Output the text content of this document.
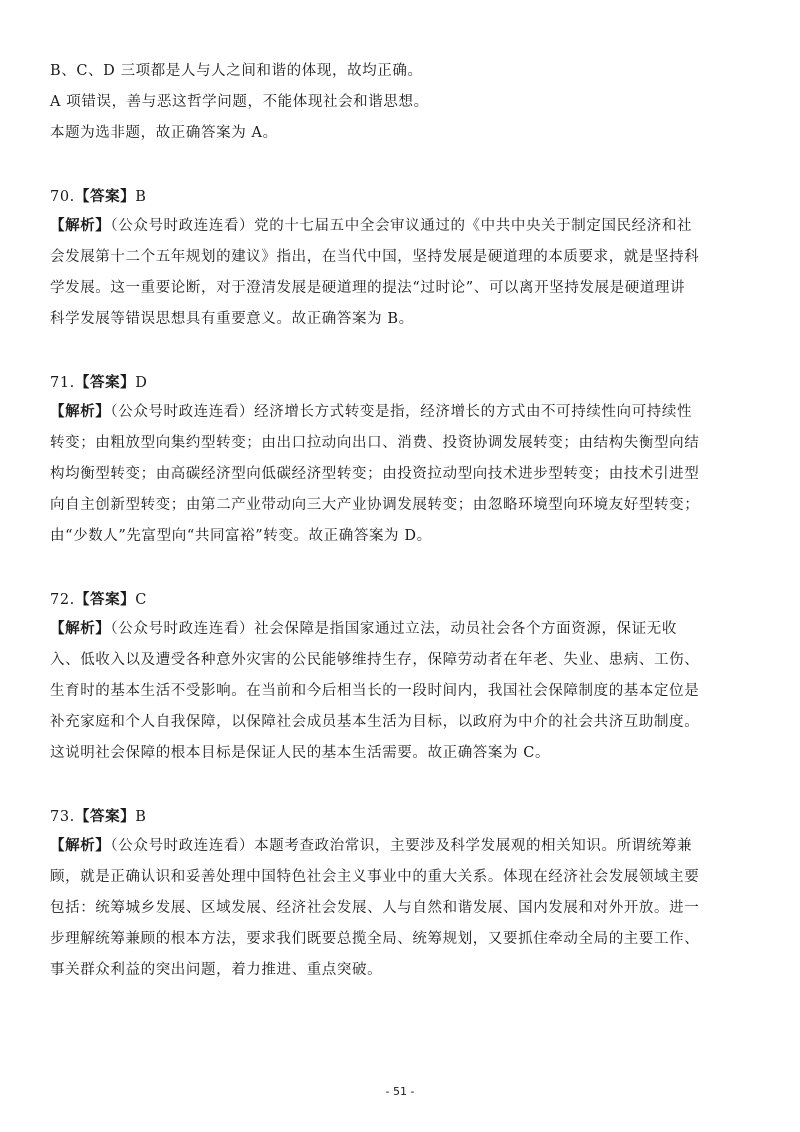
B、C、D 三项都是人与人之间和谐的体现，故均正确。
A 项错误，善与恶这哲学问题，不能体现社会和谐思想。
本题为选非题，故正确答案为 A。
70.【答案】B
【解析】（公众号时政连连看）党的十七届五中全会审议通过的《中共中央关于制定国民经济和社
会发展第十二个五年规划的建议》指出，在当代中国，坚持发展是硬道理的本质要求，就是坚持科
学发展。这一重要论断，对于澄清发展是硬道理的提法“过时论”、可以离开坚持发展是硬道理讲
科学发展等错误思想具有重要意义。故正确答案为 B。
71.【答案】D
【解析】（公众号时政连连看）经济增长方式转变是指，经济增长的方式由不可持续性向可持续性
转变；由粗放型向集约型转变；由出口拉动向出口、消费、投资协调发展转变；由结构失衡型向结
构均衡型转变；由高碳经济型向低碳经济型转变；由投资拉动型向技术进步型转变；由技术引进型
向自主创新型转变；由第二产业带动向三大产业协调发展转变；由忽略环境型向环境友好型转变；
由“少数人”先富型向“共同富裕”转变。故正确答案为 D。
72.【答案】C
【解析】（公众号时政连连看）社会保障是指国家通过立法，动员社会各个方面资源，保证无收
入、低收入以及遭受各种意外灾害的公民能够维持生存，保障劳动者在年老、失业、患病、工伤、
生育时的基本生活不受影响。在当前和今后相当长的一段时间内，我国社会保障制度的基本定位是
补充家庭和个人自我保障，以保障社会成员基本生活为目标，以政府为中介的社会共济互助制度。
这说明社会保障的根本目标是保证人民的基本生活需要。故正确答案为 C。
73.【答案】B
【解析】（公众号时政连连看）本题考查政治常识，主要涉及科学发展观的相关知识。所谓统筹兼
顾，就是正确认识和妥善处理中国特色社会主义事业中的重大关系。体现在经济社会发展领域主要
包括：统筹城乡发展、区域发展、经济社会发展、人与自然和谐发展、国内发展和对外开放。进一
步理解统筹兼顾的根本方法，要求我们既要总揽全局、统筹规划，又要抓住牵动全局的主要工作、
事关群众利益的突出问题，着力推进、重点突破。
- 51 -
